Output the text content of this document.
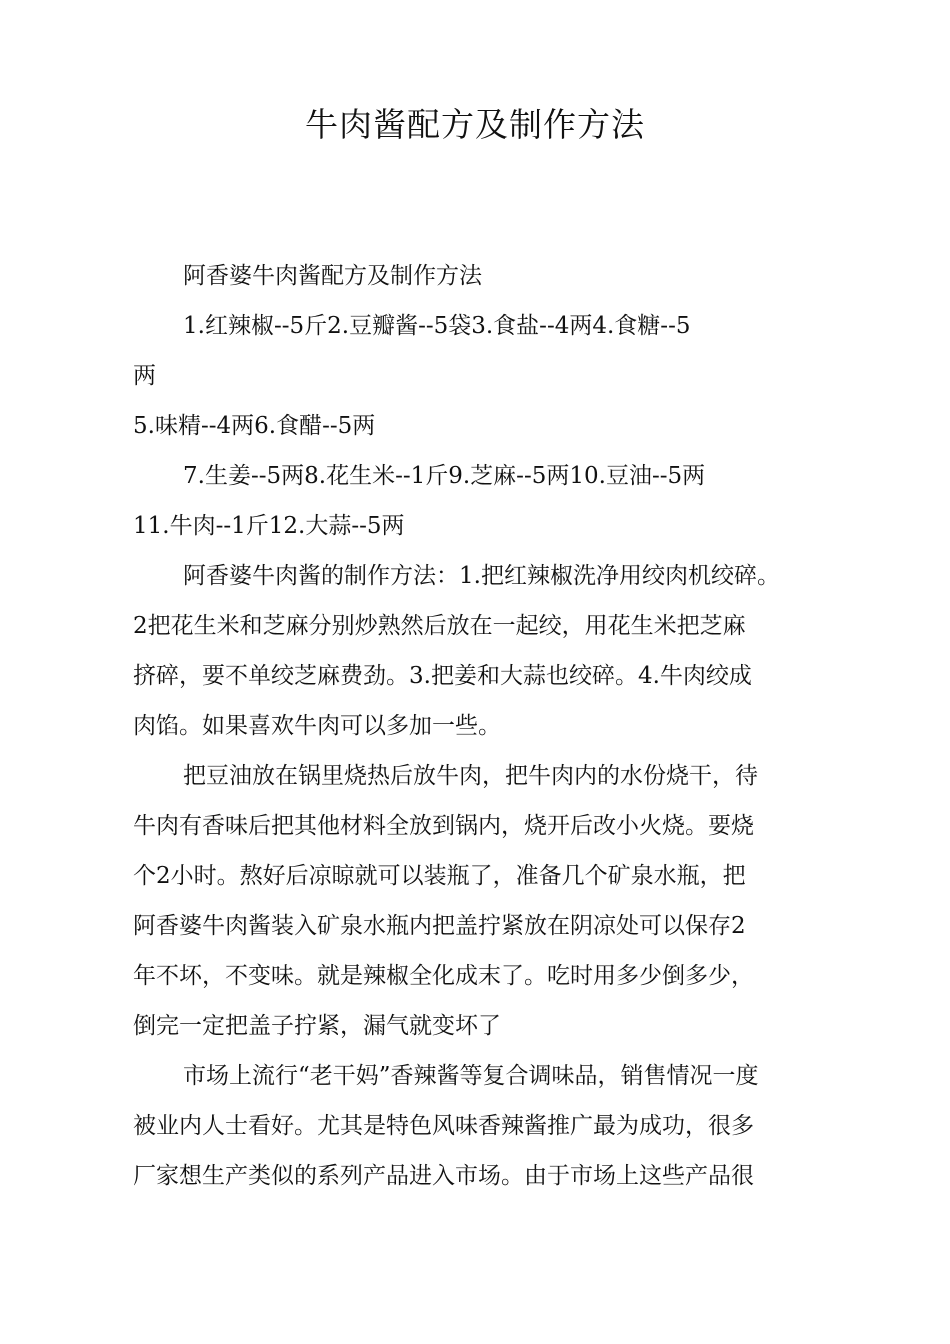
牛肉酱配方及制作方法

阿香婆牛肉酱配方及制作方法

1.红辣椒--5斤2.豆瓣酱--5袋3.食盐--4两4.食糖--5

两

5.味精--4两6.食醋--5两

7.生姜--5两8.花生米--1斤9.芝麻--5两10.豆油--5两

11.牛肉--1斤12.大蒜--5两

阿香婆牛肉酱的制作方法：1.把红辣椒洗净用绞肉机绞碎。

2把花生米和芝麻分别炒熟然后放在一起绞，用花生米把芝麻

挤碎，要不单绞芝麻费劲。3.把姜和大蒜也绞碎。4.牛肉绞成

肉馅。如果喜欢牛肉可以多加一些。

把豆油放在锅里烧热后放牛肉，把牛肉内的水份烧干，待

牛肉有香味后把其他材料全放到锅内，烧开后改小火烧。要烧

个2小时。熬好后凉晾就可以装瓶了，准备几个矿泉水瓶，把

阿香婆牛肉酱装入矿泉水瓶内把盖拧紧放在阴凉处可以保存2

年不坏，不变味。就是辣椒全化成末了。吃时用多少倒多少，

倒完一定把盖子拧紧，漏气就变坏了

市场上流行“老干妈”香辣酱等复合调味品，销售情况一度

被业内人士看好。尤其是特色风味香辣酱推广最为成功，很多

厂家想生产类似的系列产品进入市场。由于市场上这些产品很
